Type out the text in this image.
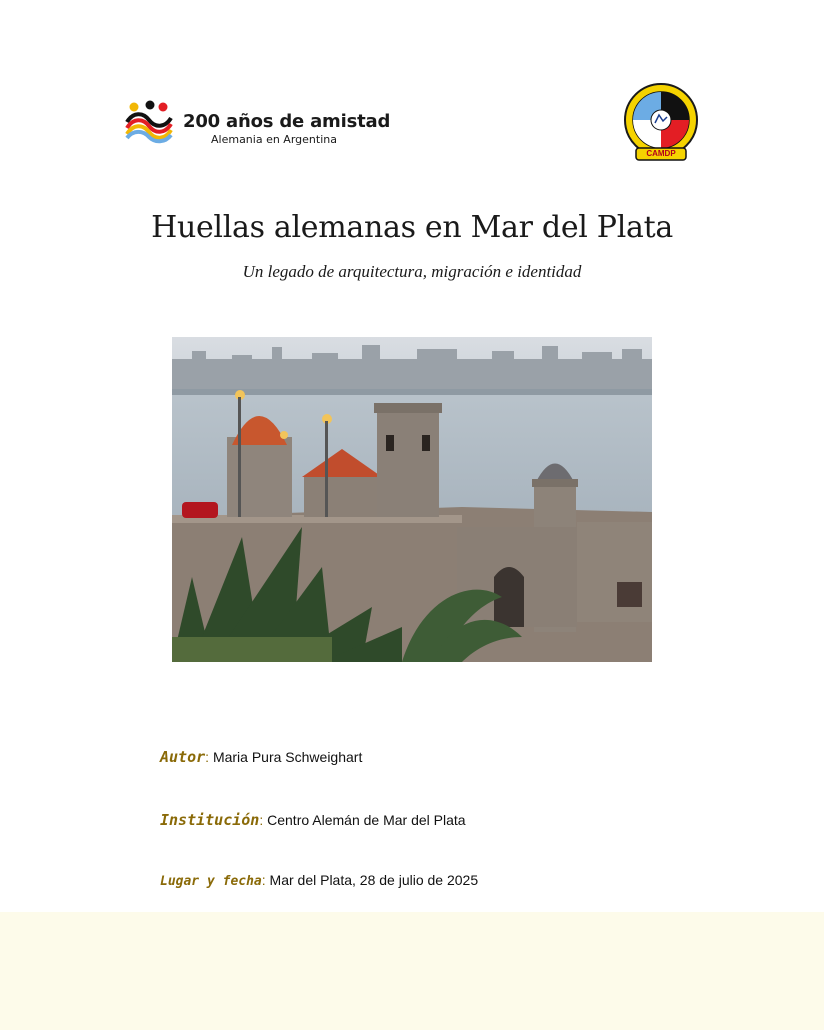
200 años de amistad
Alemania en Argentina
CAMDP
Huellas alemanas en Mar del Plata
Un legado de arquitectura, migración e identidad
Autor: Maria Pura Schweighart
Institución: Centro Alemán de Mar del Plata
Lugar y fecha: Mar del Plata, 28 de julio de 2025
